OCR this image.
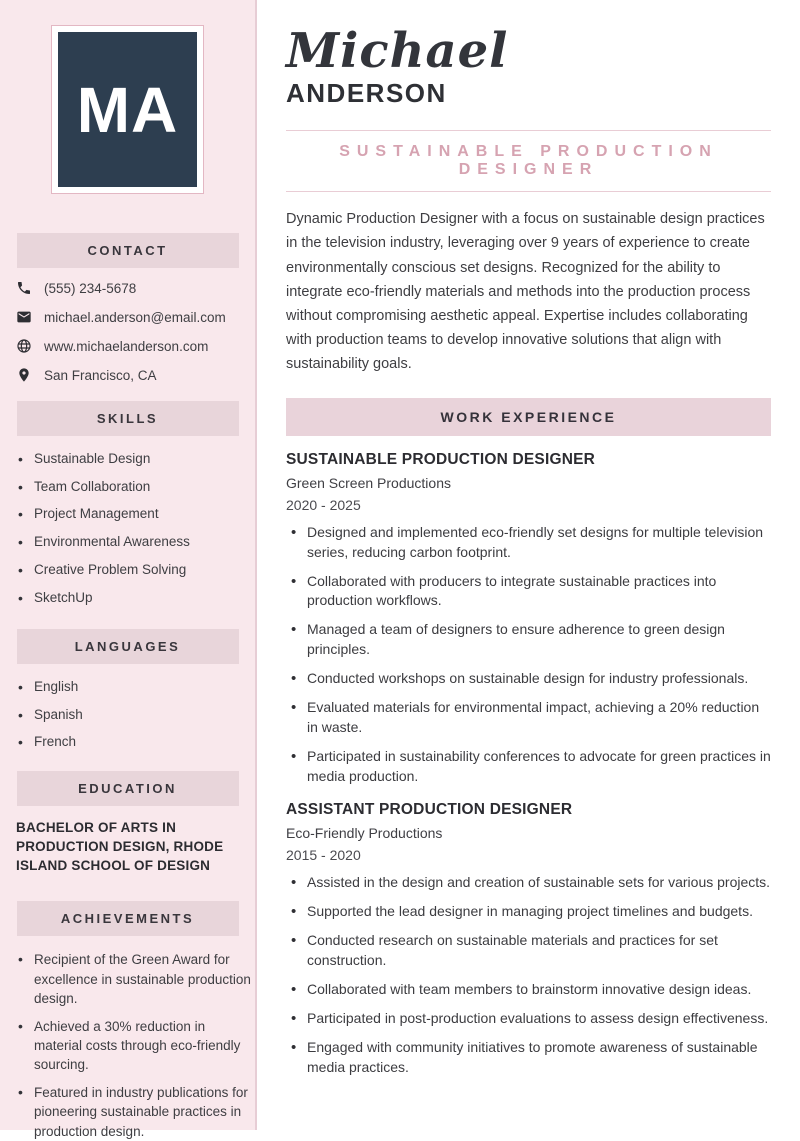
MA
CONTACT
(555) 234-5678
michael.anderson@email.com
www.michaelanderson.com
San Francisco, CA
SKILLS
• Sustainable Design
• Team Collaboration
• Project Management
• Environmental Awareness
• Creative Problem Solving
• SketchUp
LANGUAGES
• English
• Spanish
• French
EDUCATION
BACHELOR OF ARTS IN PRODUCTION DESIGN, RHODE ISLAND SCHOOL OF DESIGN
ACHIEVEMENTS
• Recipient of the Green Award for excellence in sustainable production design.
• Achieved a 30% reduction in material costs through eco-friendly sourcing.
• Featured in industry publications for pioneering sustainable practices in production design.
Michael
ANDERSON
SUSTAINABLE PRODUCTION DESIGNER

Dynamic Production Designer with a focus on sustainable design practices in the television industry, leveraging over 9 years of experience to create environmentally conscious set designs. Recognized for the ability to integrate eco-friendly materials and methods into the production process without compromising aesthetic appeal. Expertise includes collaborating with production teams to develop innovative solutions that align with sustainability goals.

WORK EXPERIENCE
SUSTAINABLE PRODUCTION DESIGNER
Green Screen Productions
2020 - 2025
• Designed and implemented eco-friendly set designs for multiple television series, reducing carbon footprint.
• Collaborated with producers to integrate sustainable practices into production workflows.
• Managed a team of designers to ensure adherence to green design principles.
• Conducted workshops on sustainable design for industry professionals.
• Evaluated materials for environmental impact, achieving a 20% reduction in waste.
• Participated in sustainability conferences to advocate for green practices in media production.
ASSISTANT PRODUCTION DESIGNER
Eco-Friendly Productions
2015 - 2020
• Assisted in the design and creation of sustainable sets for various projects.
• Supported the lead designer in managing project timelines and budgets.
• Conducted research on sustainable materials and practices for set construction.
• Collaborated with team members to brainstorm innovative design ideas.
• Participated in post-production evaluations to assess design effectiveness.
• Engaged with community initiatives to promote awareness of sustainable media practices.
